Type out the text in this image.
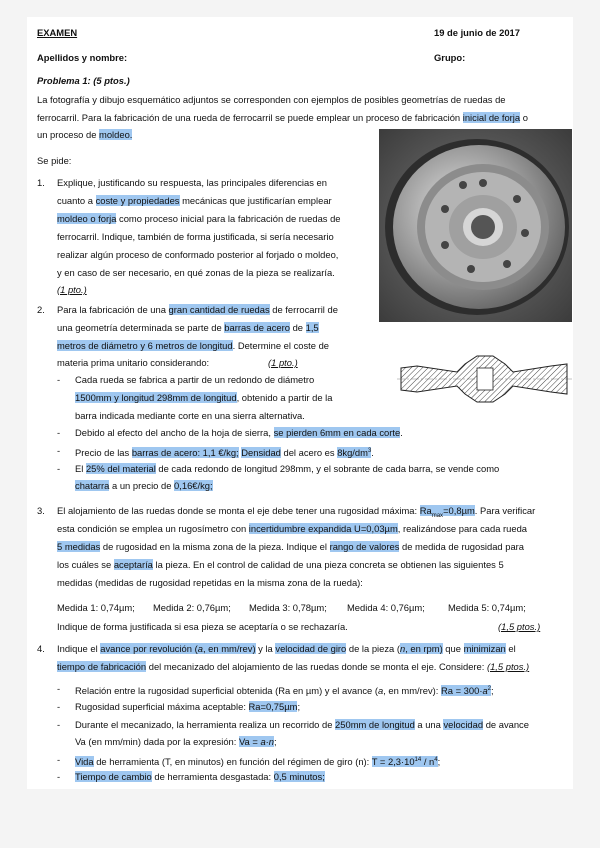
EXAMEN	19 de junio de 2017
Apellidos y nombre:	Grupo:
Problema 1: (5 ptos.)
La fotografía y dibujo esquemático adjuntos se corresponden con ejemplos de posibles geometrías de ruedas de
ferrocarril. Para la fabricación de una rueda de ferrocarril se puede emplear un proceso de fabricación inicial de forja o
un proceso de moldeo.
Se pide:
1. Explique, justificando su respuesta, las principales diferencias en
cuanto a coste y propiedades mecánicas que justificarían emplear
moldeo o forja como proceso inicial para la fabricación de ruedas de
ferrocarril. Indique, también de forma justificada, si sería necesario
realizar algún proceso de conformado posterior al forjado o moldeo,
y en caso de ser necesario, en qué zonas de la pieza se realizaría.
(1 pto.)
2. Para la fabricación de una gran cantidad de ruedas de ferrocarril de
una geometría determinada se parte de barras de acero de 1,5
metros de diámetro y 6 metros de longitud. Determine el coste de
materia prima unitario considerando:	(1 pto.)
- Cada rueda se fabrica a partir de un redondo de diámetro
1500mm y longitud 298mm de longitud, obtenido a partir de la
barra indicada mediante corte en una sierra alternativa.
- Debido al efecto del ancho de la hoja de sierra, se pierden 6mm en cada corte.
- Precio de las barras de acero: 1,1 €/kg; Densidad del acero es $8kg/dm^3$.
- El 25% del material de cada redondo de longitud 298mm, y el sobrante de cada barra, se vende como
chatarra a un precio de 0,16€/kg;
3. El alojamiento de las ruedas donde se monta el eje debe tener una rugosidad máxima: $Ra_{max}=0,8\mu m$. Para verificar
esta condición se emplea un rugosímetro con incertidumbre expandida U=0,03µm, realizándose para cada rueda
5 medidas de rugosidad en la misma zona de la pieza. Indique el rango de valores de medida de rugosidad para
los cuáles se aceptaría la pieza. En el control de calidad de una pieza concreta se obtienen las siguientes 5
medidas (medidas de rugosidad repetidas en la misma zona de la rueda):
Medida 1: 0,74µm; Medida 2: 0,76µm; Medida 3: 0,78µm; Medida 4: 0,76µm; Medida 5: 0,74µm;
Indique de forma justificada si esa pieza se aceptaría o se rechazaría.	(1,5 ptos.)
4. Indique el avance por revolución (a, en mm/rev) y la velocidad de giro de la pieza (n, en rpm) que minimizan el
tiempo de fabricación del mecanizado del alojamiento de las ruedas donde se monta el eje. Considere: (1,5 ptos.)
- Relación entre la rugosidad superficial obtenida (Ra en µm) y el avance (a, en mm/rev): $Ra = 300\cdot a^2$;
- Rugosidad superficial máxima aceptable: Ra=0,75µm;
- Durante el mecanizado, la herramienta realiza un recorrido de 250mm de longitud a una velocidad de avance
Va (en mm/min) dada por la expresión: Va = a·n;
- Vida de herramienta (T, en minutos) en función del régimen de giro (n): $T = 2,3\cdot 10^{14} / n^4$;
- Tiempo de cambio de herramienta desgastada: 0,5 minutos;
